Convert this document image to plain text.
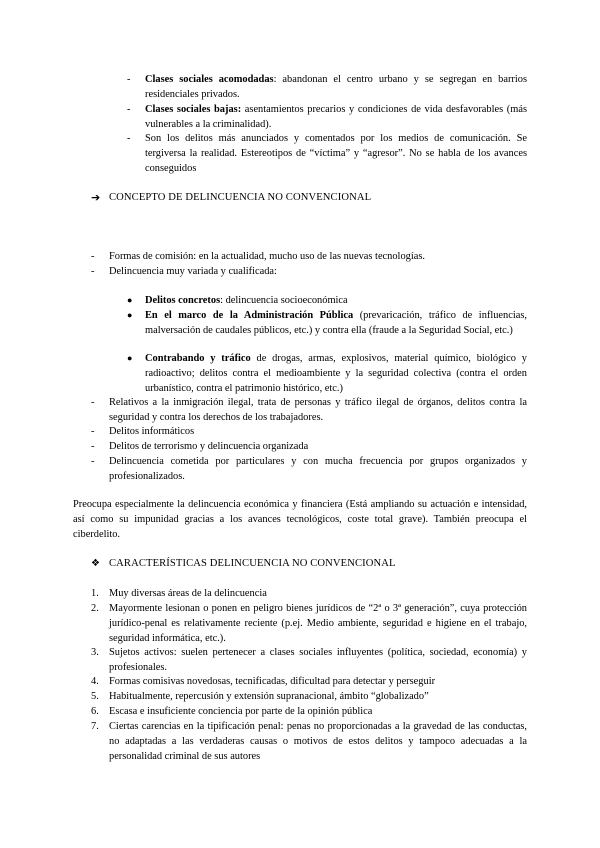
- Clases sociales acomodadas: abandonan el centro urbano y se segregan en barrios residenciales privados.
- Clases sociales bajas: asentamientos precarios y condiciones de vida desfavorables (más vulnerables a la criminalidad).
- Son los delitos más anunciados y comentados por los medios de comunicación. Se tergiversa la realidad. Estereotipos de “víctima” y “agresor”. No se habla de los avances conseguidos
➔ CONCEPTO DE DELINCUENCIA NO CONVENCIONAL
- Formas de comisión: en la actualidad, mucho uso de las nuevas tecnologías.
- Delincuencia muy variada y cualificada:
● Delitos concretos: delincuencia socioeconómica
● En el marco de la Administración Pública (prevaricación, tráfico de influencias, malversación de caudales públicos, etc.) y contra ella (fraude a la Seguridad Social, etc.)
● Contrabando y tráfico de drogas, armas, explosivos, material químico, biológico y radioactivo; delitos contra el medioambiente y la seguridad colectiva (contra el orden urbanístico, contra el patrimonio histórico, etc.)
- Relativos a la inmigración ilegal, trata de personas y tráfico ilegal de órganos, delitos contra la seguridad y contra los derechos de los trabajadores.
- Delitos informáticos
- Delitos de terrorismo y delincuencia organizada
- Delincuencia cometida por particulares y con mucha frecuencia por grupos organizados y profesionalizados.
Preocupa especialmente la delincuencia económica y financiera (Está ampliando su actuación e intensidad, así como su impunidad gracias a los avances tecnológicos, coste total grave). También preocupa el ciberdelito.
❖ CARACTERÍSTICAS DELINCUENCIA NO CONVENCIONAL
1. Muy diversas áreas de la delincuencia
2. Mayormente lesionan o ponen en peligro bienes jurídicos de “2ª o 3ª generación”, cuya protección jurídico-penal es relativamente reciente (p.ej. Medio ambiente, seguridad e higiene en el trabajo, seguridad informática, etc.).
3. Sujetos activos: suelen pertenecer a clases sociales influyentes (política, sociedad, economía) y profesionales.
4. Formas comisivas novedosas, tecnificadas, dificultad para detectar y perseguir
5. Habitualmente, repercusión y extensión supranacional, ámbito “globalizado”
6. Escasa e insuficiente conciencia por parte de la opinión pública
7. Ciertas carencias en la tipificación penal: penas no proporcionadas a la gravedad de las conductas, no adaptadas a las verdaderas causas o motivos de estos delitos y tampoco adecuadas a la personalidad criminal de sus autores
